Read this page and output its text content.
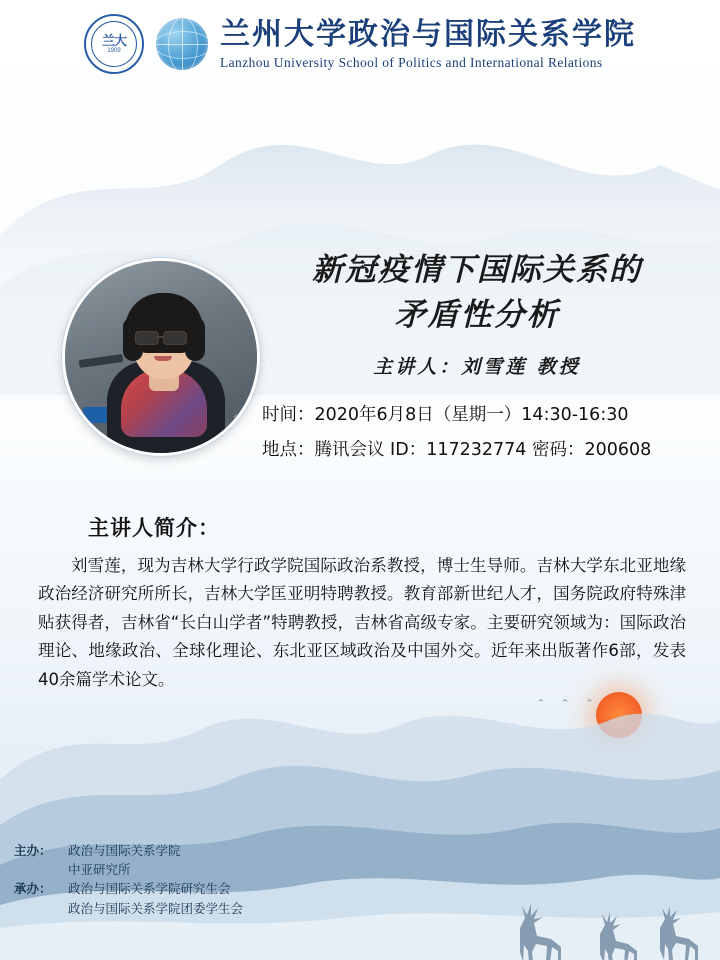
兰大
1909	兰州大学政治与国际关系学院
Lanzhou University School of Politics and International Relations
刘雪
新冠疫情下国际关系的
矛盾性分析
主讲人：刘雪莲 教授
时间：2020年6月8日（星期一）14:30-16:30
地点：腾讯会议 ID：117232774 密码：200608
主讲人简介：
刘雪莲，现为吉林大学行政学院国际政治系教授，博士生导师。吉林大学东北亚地缘政治经济研究所所长，吉林大学匡亚明特聘教授。教育部新世纪人才，国务院政府特殊津贴获得者，吉林省“长白山学者”特聘教授，吉林省高级专家。主要研究领域为：国际政治理论、地缘政治、全球化理论、东北亚区域政治及中国外交。近年来出版著作6部，发表40余篇学术论文。
⌃ ⌃ ⌃
主办：	政治与国际关系学院
中亚研究所
承办：	政治与国际关系学院研究生会
政治与国际关系学院团委学生会
